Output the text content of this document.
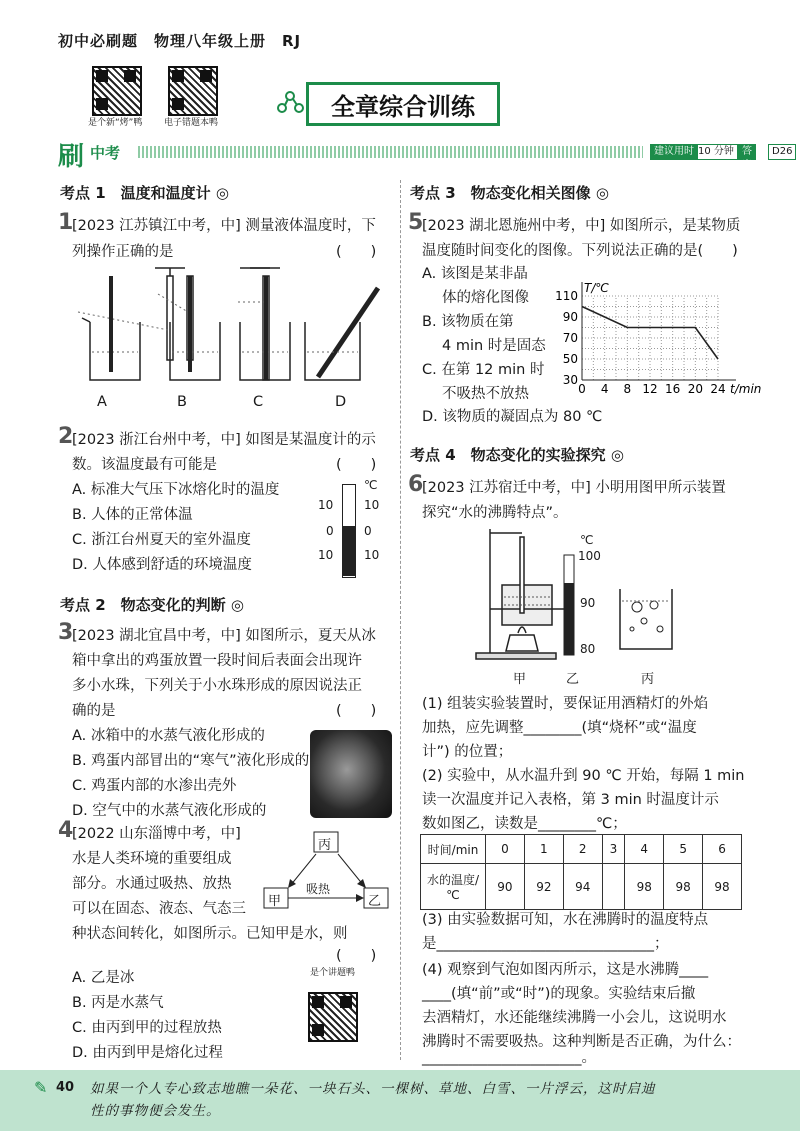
初中必刷题　物理八年级上册　RJ
是个新“烤”鸭 电子错题本鸭
全章综合训练
刷 中考	建议用时 10 分钟 答案
D26
考点 1　温度和温度计 ◎
1
[2023 江苏镇江中考，中] 测量液体温度时，下
列操作正确的是	(　　)
A	B	C	D
2
[2023 浙江台州中考，中] 如图是某温度计的示
数。该温度最有可能是	(　　)
A. 标准大气压下冰熔化时的温度
B. 人体的正常体温
C. 浙江台州夏天的室外温度
D. 人体感到舒适的环境温度
℃
10	10
0	0
10	10
考点 2　物态变化的判断 ◎
3
[2023 湖北宜昌中考，中] 如图所示，夏天从冰
箱中拿出的鸡蛋放置一段时间后表面会出现许
多小水珠，下列关于小水珠形成的原因说法正
确的是	(　　)
A. 冰箱中的水蒸气液化形成的
B. 鸡蛋内部冒出的“寒气”液化形成的
C. 鸡蛋内部的水渗出壳外
D. 空气中的水蒸气液化形成的
4
[2022 山东淄博中考，中]
水是人类环境的重要组成
部分。水通过吸热、放热
可以在固态、液态、气态三
种状态间转化，如图所示。已知甲是水，则
(　　)
丙
甲	乙
吸热
A. 乙是冰
B. 丙是水蒸气
C. 由丙到甲的过程放热
D. 由丙到甲是熔化过程
是个讲题鸭
考点 3　物态变化相关图像 ◎
5
[2023 湖北恩施州中考，中] 如图所示，是某物质
温度随时间变化的图像。下列说法正确的是(　　)
A. 该图是某非晶
体的熔化图像
B. 该物质在第
4 min 时是固态
C. 在第 12 min 时
不吸热不放热
D. 该物质的凝固点为 80 ℃
110
90
70
50
30
0 4 8 12 16 20 24
T/℃
t/min
考点 4　物态变化的实验探究 ◎
6
[2023 江苏宿迁中考，中] 小明用图甲所示装置
探究“水的沸腾特点”。
℃
100
90
80
甲	乙	丙
(1) 组装实验装置时，要保证用酒精灯的外焰
加热，应先调整________(填“烧杯”或“温度
计”) 的位置；
(2) 实验中，从水温升到 90 ℃ 开始，每隔 1 min
读一次温度并记入表格，第 3 min 时温度计示
数如图乙，读数是________℃；
时间/min	0	1	2	3	4	5	6
水的温度/℃	90	92	94		98	98	98
(3) 由实验数据可知，水在沸腾时的温度特点
是______________________________；
(4) 观察到气泡如图丙所示，这是水沸腾____
____(填“前”或“时”)的现象。实验结束后撤
去酒精灯，水还能继续沸腾一小会儿，这说明水
沸腾时不需要吸热。这种判断是否正确，为什么：
______________________。
✎ 40 如果一个人专心致志地瞧一朵花、一块石头、一棵树、草地、白雪、一片浮云，这时启迪
性的事物便会发生。
